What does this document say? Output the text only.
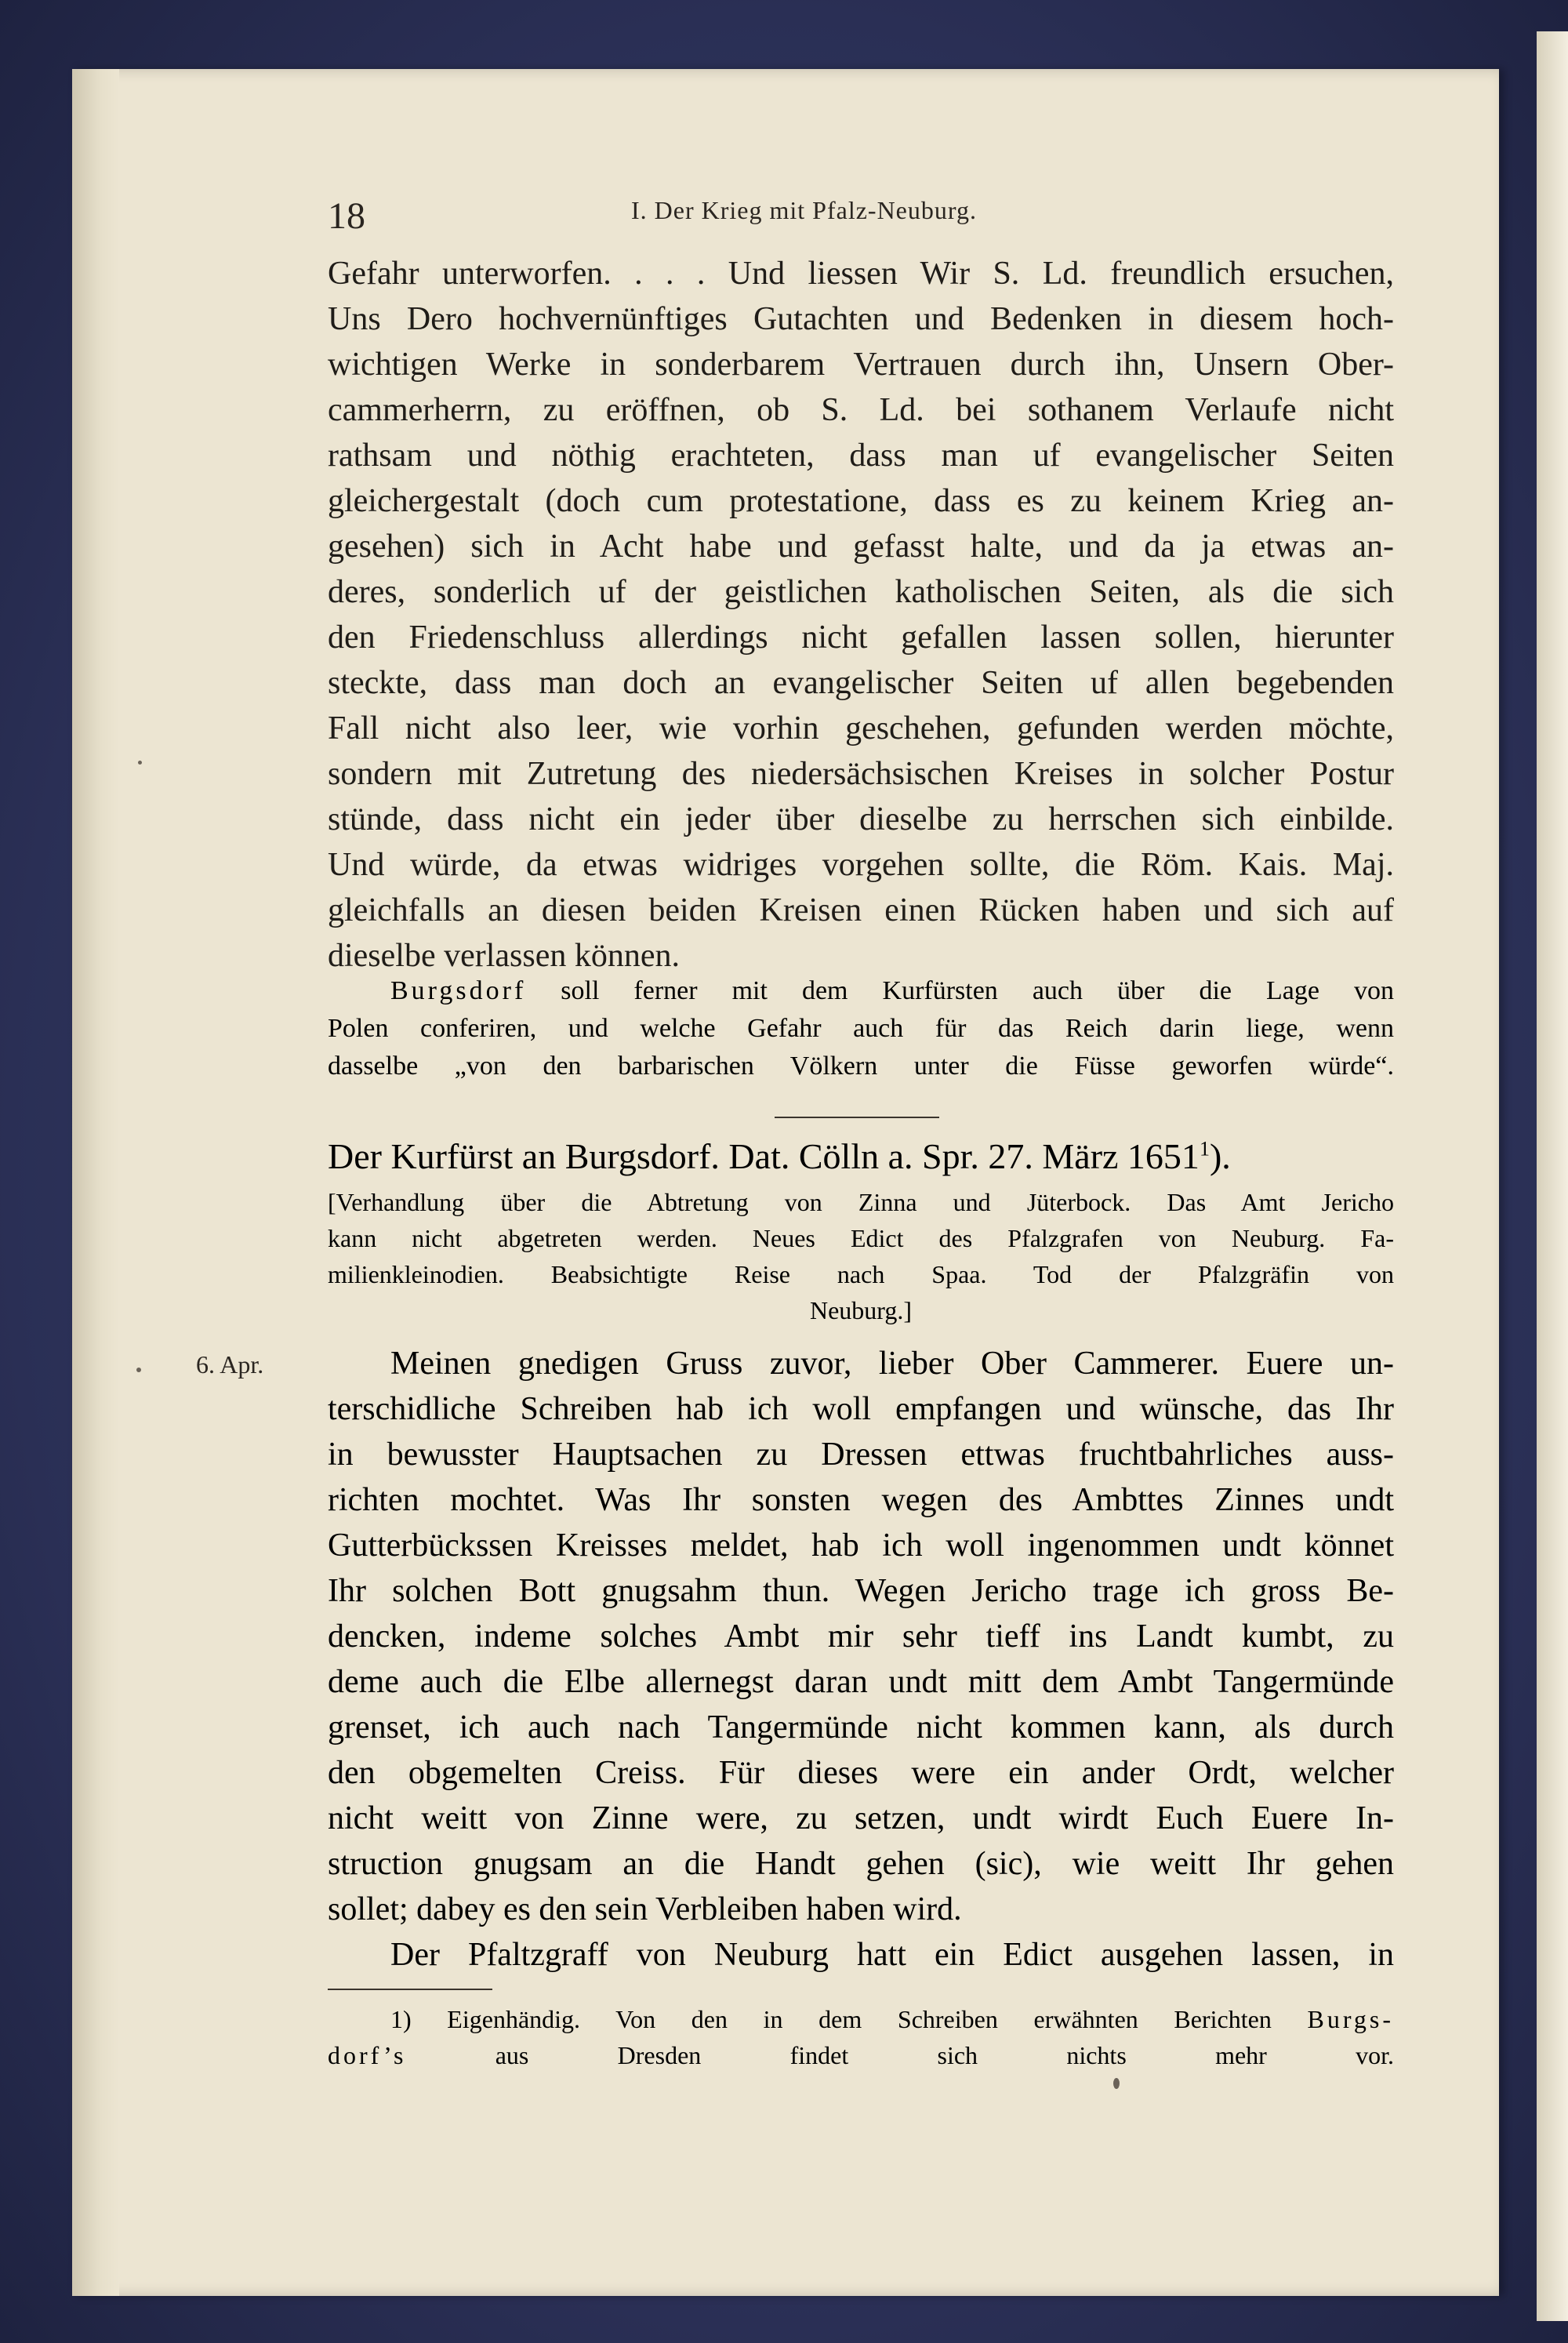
18	I. Der Krieg mit Pfalz-Neuburg.
Gefahr unterworfen. . . . Und liessen Wir S. Ld. freundlich ersuchen,
Uns Dero hochvernünftiges Gutachten und Bedenken in diesem hoch-
wichtigen Werke in sonderbarem Vertrauen durch ihn, Unsern Ober-
cammerherrn, zu eröffnen, ob S. Ld. bei sothanem Verlaufe nicht
rathsam und nöthig erachteten, dass man uf evangelischer Seiten
gleichergestalt (doch cum protestatione, dass es zu keinem Krieg an-
gesehen) sich in Acht habe und gefasst halte, und da ja etwas an-
deres, sonderlich uf der geistlichen katholischen Seiten, als die sich
den Friedenschluss allerdings nicht gefallen lassen sollen, hierunter
steckte, dass man doch an evangelischer Seiten uf allen begebenden
Fall nicht also leer, wie vorhin geschehen, gefunden werden möchte,
sondern mit Zutretung des niedersächsischen Kreises in solcher Postur
stünde, dass nicht ein jeder über dieselbe zu herrschen sich einbilde.
Und würde, da etwas widriges vorgehen sollte, die Röm. Kais. Maj.
gleichfalls an diesen beiden Kreisen einen Rücken haben und sich auf
dieselbe verlassen können.
Burgsdorf soll ferner mit dem Kurfürsten auch über die Lage von
Polen conferiren, und welche Gefahr auch für das Reich darin liege, wenn
dasselbe „von den barbarischen Völkern unter die Füsse geworfen würde“.
Der Kurfürst an Burgsdorf. Dat. Cölln a. Spr. 27. März 1651$^1$).
[Verhandlung über die Abtretung von Zinna und Jüterbock. Das Amt Jericho
kann nicht abgetreten werden. Neues Edict des Pfalzgrafen von Neuburg. Fa-
milienkleinodien. Beabsichtigte Reise nach Spaa. Tod der Pfalzgräfin von
Neuburg.]
6. Apr.	Meinen gnedigen Gruss zuvor, lieber Ober Cammerer. Euere un-
terschidliche Schreiben hab ich woll empfangen und wünsche, das Ihr
in bewusster Hauptsachen zu Dressen ettwas fruchtbahrliches auss-
richten mochtet. Was Ihr sonsten wegen des Ambttes Zinnes undt
Gutterbückssen Kreisses meldet, hab ich woll ingenommen undt könnet
Ihr solchen Bott gnugsahm thun. Wegen Jericho trage ich gross Be-
dencken, indeme solches Ambt mir sehr tieff ins Landt kumbt, zu
deme auch die Elbe allernegst daran undt mitt dem Ambt Tangermünde
grenset, ich auch nach Tangermünde nicht kommen kann, als durch
den obgemelten Creiss. Für dieses were ein ander Ordt, welcher
nicht weitt von Zinne were, zu setzen, undt wirdt Euch Euere In-
struction gnugsam an die Handt gehen (sic), wie weitt Ihr gehen
sollet; dabey es den sein Verbleiben haben wird.
Der Pfaltzgraff von Neuburg hatt ein Edict ausgehen lassen, in
1) Eigenhändig. Von den in dem Schreiben erwähnten Berichten Burgs-
dorf’s aus Dresden findet sich nichts mehr vor.
